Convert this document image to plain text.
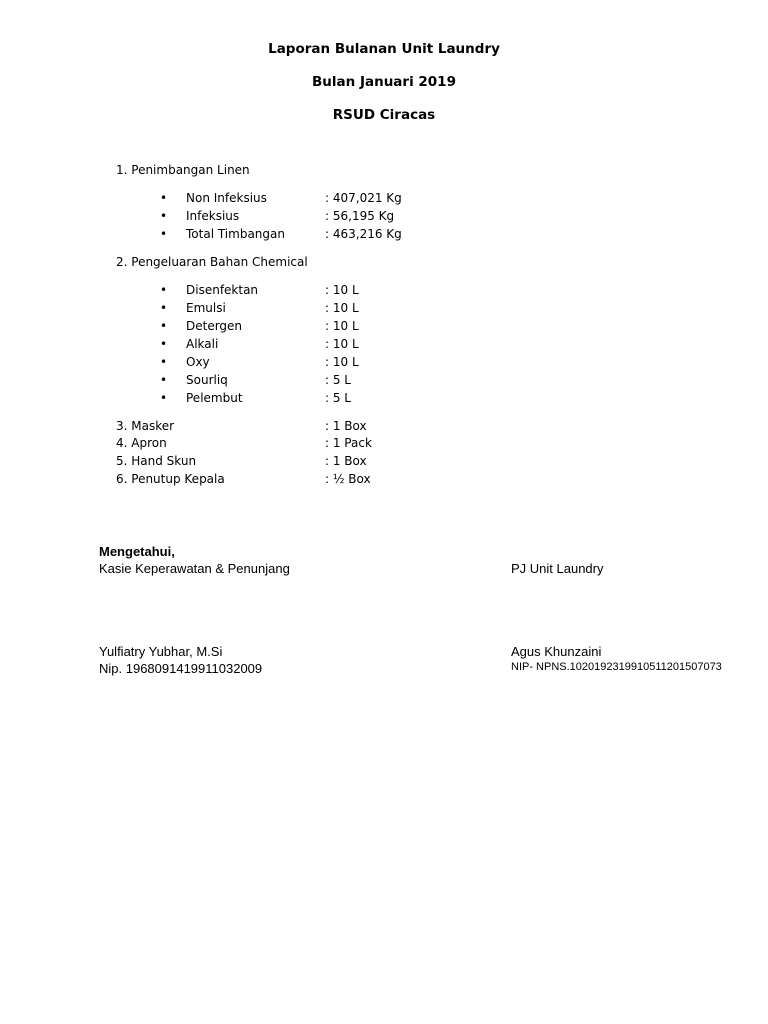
Laporan Bulanan Unit Laundry
Bulan Januari 2019
RSUD Ciracas
1. Penimbangan Linen
• Non Infeksius	: 407,021 Kg
• Infeksius	: 56,195 Kg
• Total Timbangan	: 463,216 Kg
2. Pengeluaran Bahan Chemical
• Disenfektan	: 10 L
• Emulsi	: 10 L
• Detergen	: 10 L
• Alkali	: 10 L
• Oxy	: 10 L
• Sourliq	: 5 L
• Pelembut	: 5 L
3. Masker	: 1 Box
4. Apron	: 1 Pack
5. Hand Skun	: 1 Box
6. Penutup Kepala	: ½ Box
Mengetahui,
Kasie Keperawatan & Penunjang	PJ Unit Laundry
Yulfiatry Yubhar, M.Si
Nip. 196809141991103200​9
Agus Khunzaini
NIP- NPNS.10201923199105112015070​73
